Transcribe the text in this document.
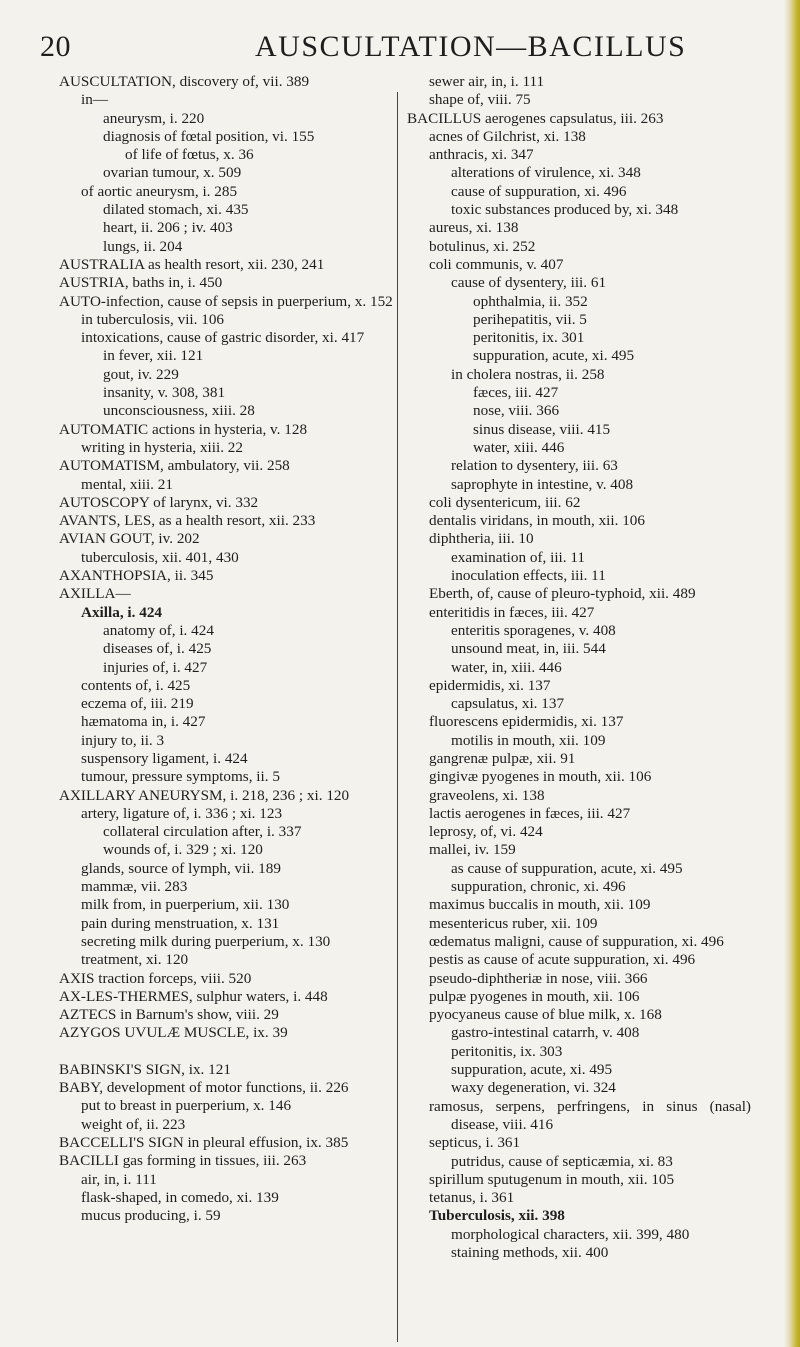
20	AUSCULTATION—BACILLUS
AUSCULTATION, discovery of, vii. 389
in—
aneurysm, i. 220
diagnosis of fœtal position, vi. 155
of life of fœtus, x. 36
ovarian tumour, x. 509
of aortic aneurysm, i. 285
dilated stomach, xi. 435
heart, ii. 206 ; iv. 403
lungs, ii. 204
AUSTRALIA as health resort, xii. 230, 241
AUSTRIA, baths in, i. 450
AUTO-infection, cause of sepsis in puerperium, x. 152
in tuberculosis, vii. 106
intoxications, cause of gastric disorder, xi. 417
in fever, xii. 121
gout, iv. 229
insanity, v. 308, 381
unconsciousness, xiii. 28
AUTOMATIC actions in hysteria, v. 128
writing in hysteria, xiii. 22
AUTOMATISM, ambulatory, vii. 258
mental, xiii. 21
AUTOSCOPY of larynx, vi. 332
AVANTS, LES, as a health resort, xii. 233
AVIAN GOUT, iv. 202
tuberculosis, xii. 401, 430
AXANTHOPSIA, ii. 345
AXILLA—
Axilla, i. 424
anatomy of, i. 424
diseases of, i. 425
injuries of, i. 427
contents of, i. 425
eczema of, iii. 219
hæmatoma in, i. 427
injury to, ii. 3
suspensory ligament, i. 424
tumour, pressure symptoms, ii. 5
AXILLARY ANEURYSM, i. 218, 236 ; xi. 120
artery, ligature of, i. 336 ; xi. 123
collateral circulation after, i. 337
wounds of, i. 329 ; xi. 120
glands, source of lymph, vii. 189
mammæ, vii. 283
milk from, in puerperium, xii. 130
pain during menstruation, x. 131
secreting milk during puerperium, x. 130
treatment, xi. 120
AXIS traction forceps, viii. 520
AX-LES-THERMES, sulphur waters, i. 448
AZTECS in Barnum's show, viii. 29
AZYGOS UVULÆ MUSCLE, ix. 39
BABINSKI'S SIGN, ix. 121
BABY, development of motor functions, ii. 226
put to breast in puerperium, x. 146
weight of, ii. 223
BACCELLI'S SIGN in pleural effusion, ix. 385
BACILLI gas forming in tissues, iii. 263
air, in, i. 111
flask-shaped, in comedo, xi. 139
mucus producing, i. 59
sewer air, in, i. 111
shape of, viii. 75
BACILLUS aerogenes capsulatus, iii. 263
acnes of Gilchrist, xi. 138
anthracis, xi. 347
alterations of virulence, xi. 348
cause of suppuration, xi. 496
toxic substances produced by, xi. 348
aureus, xi. 138
botulinus, xi. 252
coli communis, v. 407
cause of dysentery, iii. 61
ophthalmia, ii. 352
perihepatitis, vii. 5
peritonitis, ix. 301
suppuration, acute, xi. 495
in cholera nostras, ii. 258
fæces, iii. 427
nose, viii. 366
sinus disease, viii. 415
water, xiii. 446
relation to dysentery, iii. 63
saprophyte in intestine, v. 408
coli dysentericum, iii. 62
dentalis viridans, in mouth, xii. 106
diphtheria, iii. 10
examination of, iii. 11
inoculation effects, iii. 11
Eberth, of, cause of pleuro-typhoid, xii. 489
enteritidis in fæces, iii. 427
enteritis sporagenes, v. 408
unsound meat, in, iii. 544
water, in, xiii. 446
epidermidis, xi. 137
capsulatus, xi. 137
fluorescens epidermidis, xi. 137
motilis in mouth, xii. 109
gangrenæ pulpæ, xii. 91
gingivæ pyogenes in mouth, xii. 106
graveolens, xi. 138
lactis aerogenes in fæces, iii. 427
leprosy, of, vi. 424
mallei, iv. 159
as cause of suppuration, acute, xi. 495
suppuration, chronic, xi. 496
maximus buccalis in mouth, xii. 109
mesentericus ruber, xii. 109
œdematus maligni, cause of suppuration, xi. 496
pestis as cause of acute suppuration, xi. 496
pseudo-diphtheriæ in nose, viii. 366
pulpæ pyogenes in mouth, xii. 106
pyocyaneus cause of blue milk, x. 168
gastro-intestinal catarrh, v. 408
peritonitis, ix. 303
suppuration, acute, xi. 495
waxy degeneration, vi. 324
ramosus, serpens, perfringens, in sinus (nasal) disease, viii. 416
septicus, i. 361
putridus, cause of septicæmia, xi. 83
spirillum sputugenum in mouth, xii. 105
tetanus, i. 361
Tuberculosis, xii. 398
morphological characters, xii. 399, 480
staining methods, xii. 400
